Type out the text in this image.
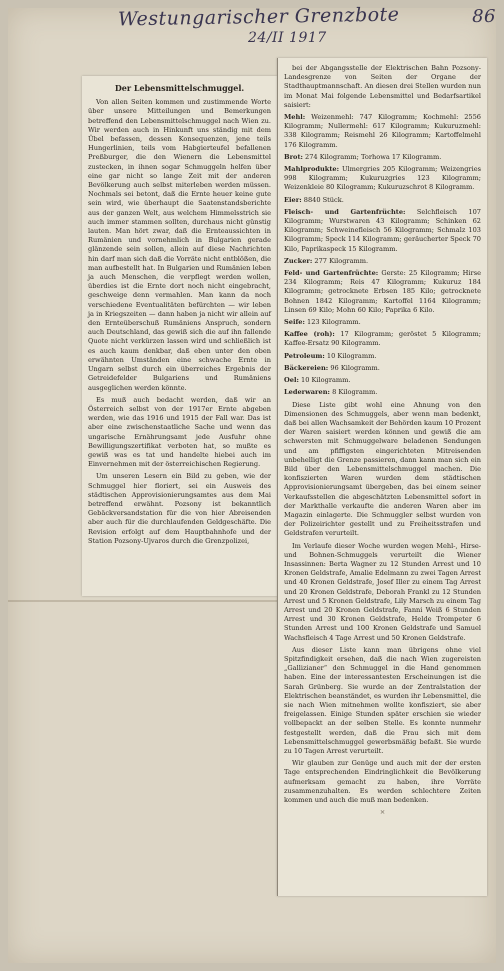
Westungarischer Grenzbote
24/II 1917
86
Der Lebensmittelschmuggel.

Von allen Seiten kommen und zustimmende Worte über unsere Mitteilungen und Bemerkungen betreffend den Lebensmittelschmuggel nach Wien zu. Wir werden auch in Hinkunft uns ständig mit dem Übel befassen, dessen Konsequenzen, jene teils Hungerlinien, teils vom Habgierteufel befallenen Preßburger, die den Wienern die Lebensmittel zustecken, in ihnen sogar Schmuggeln helfen über eine gar nicht so lange Zeit mit der anderen Bevölkerung auch selbst miterleben werden müssen. Nochmals sei betont, daß die Ernte heuer keine gute sein wird, wie überhaupt die Saatenstandsberichte aus der ganzen Welt, aus welchem Himmelsstrich sie auch immer stammen sollten, durchaus nicht günstig lauten. Man hört zwar, daß die Ernteaussichten in Rumänien und vornehmlich in Bulgarien gerade glänzende sein sollen, allein auf diese Nachrichten hin darf man sich daß die Vorräte nicht entblößen, die man aufbestellt hat. In Bulgarien und Rumänien leben ja auch Menschen, die verpflegt werden wollen, überdies ist die Ernte dort noch nicht eingebracht, geschweige denn vermahlen. Man kann da noch verschiedene Eventualitäten befürchten — wir leben ja in Kriegszeiten — dann haben ja nicht wir allein auf den Ernteüberschuß Rumäniens Anspruch, sondern auch Deutschland, das gewiß sich die auf ihn fallende Quote nicht verkürzen lassen wird und schließlich ist es auch kaum denkbar, daß eben unter den oben erwähnten Umständen eine schwache Ernte in Ungarn selbst durch ein überreiches Ergebnis der Getreidefelder Bulgariens und Rumäniens ausgeglichen werden könnte.

Es muß auch bedacht werden, daß wir an Österreich selbst von der 1917er Ernte abgeben werden, wie das 1916 und 1915 der Fall war. Das ist aber eine zwischenstaatliche Sache und wenn das ungarische Ernährungsamt jede Ausfuhr ohne Bewilligungszertifikat verboten hat, so mußte es gewiß was es tat und handelte hiebei auch im Einvernehmen mit der österreichischen Regierung.

Um unseren Lesern ein Bild zu geben, wie der Schmuggel hier floriert, sei ein Ausweis des städtischen Approvisionierungsamtes aus dem Mai betreffend erwähnt. Pozsony ist bekanntlich Gebäckversandstation für die von hier Abreisenden aber auch für die durchlaufenden Geldgeschäfte. Die Revision erfolgt auf dem Hauptbahnhofe und der Station Pozsony-Ujvaros durch die Grenzpolizei,

bei der Abgangsstelle der Elektrischen Bahn Pozsony-Landesgrenze von Seiten der Organe der Stadthauptmannschaft. An diesen drei Stellen wurden nun im Monat Mai folgende Lebensmittel und Bedarfsartikel saisiert:

Mehl: Weizenmehl: 747 Kilogramm; Kochmehl: 2556 Kilogramm; Nullermehl: 617 Kilogramm; Kukuruzmehl: 338 Kilogramm; Reismehl 26 Kilogramm; Kartoffelmehl 176 Kilogramm.

Brot: 274 Kilogramm; Torhowa 17 Kilogramm.

Mahlprodukte: Ulmergries 205 Kilogramm; Weizengries 998 Kilogramm; Kukuruzgries 123 Kilogramm; Weizenkleie 80 Kilogramm; Kukuruzschrot 8 Kilogramm.

Eier: 8840 Stück.

Fleisch- und Gartenfrüchte: Selchfleisch 107 Kilogramm; Wurstwaren 43 Kilogramm; Schinken 62 Kilogramm; Schweinefleisch 56 Kilogramm; Schmalz 103 Kilogramm; Speck 114 Kilogramm; geräucherter Speck 70 Kilo, Paprikaspeck 15 Kilogramm.

Zucker: 277 Kilogramm.

Feld- und Gartenfrüchte: Gerste: 25 Kilogramm; Hirse 234 Kilogramm; Reis 47 Kilogramm; Kukuruz 184 Kilogramm; getrocknete Erbsen 185 Kilo; getrocknete Bohnen 1842 Kilogramm; Kartoffel 1164 Kilogramm; Linsen 69 Kilo; Mohn 60 Kilo; Paprika 6 Kilo.

Seife: 123 Kilogramm.

Kaffee (roh): 17 Kilogramm; geröstet 5 Kilogramm; Kaffee-Ersatz 90 Kilogramm.

Petroleum: 10 Kilogramm.

Bäckereien: 96 Kilogramm.

Oel: 10 Kilogramm.

Lederwaren: 8 Kilogramm.

Diese Liste gibt wohl eine Ahnung von den Dimensionen des Schmuggels, aber wenn man bedenkt, daß bei allen Wachsamkeit der Behörden kaum 10 Prozent der Waren saisiert werden können und gewiß die am schwersten mit Schmuggelware beladenen Sendungen und am pfiffigsten eingerichteten Mitreisenden unbehelligt die Grenze passieren, dann kann man sich ein Bild über den Lebensmittelschmuggel machen. Die konfiszierten Waren wurden dem städtischen Approvisionierungsamt übergeben, das bei einem seiner Verkaufsstellen die abgeschätzten Lebensmittel sofort in der Markthalle verkaufte die anderen Waren aber im Magazin einlagerte. Die Schmuggler selbst wurden von der Polizeirichter gestellt und zu Freiheitsstrafen und Geldstrafen verurteilt.

Im Verlaufe dieser Woche wurden wegen Mehl-, Hirse- und Bohnen-Schmuggels verurteilt die Wiener Insassinnen: Berta Wagner zu 12 Stunden Arrest und 10 Kronen Geldstrafe, Amalie Edelmann zu zwei Tagen Arrest und 40 Kronen Geldstrafe, Josef Iller zu einem Tag Arrest und 20 Kronen Geldstrafe, Deborah Frankl zu 12 Stunden Arrest und 5 Kronen Geldstrafe, Lily Marsch zu einem Tag Arrest und 20 Kronen Geldstrafe, Fanni Weiß 6 Stunden Arrest und 30 Kronen Geldstrafe, Helde Trompeter 6 Stunden Arrest und 100 Kronen Geldstrafe und Samuel Wachsfleisch 4 Tage Arrest und 50 Kronen Geldstrafe.

Aus dieser Liste kann man übrigens ohne viel Spitzfindigkeit ersehen, daß die nach Wien zugereisten „Gallizianer“ den Schmuggel in die Hand genommen haben. Eine der interessantesten Erscheinungen ist die Sarah Grünberg. Sie wurde an der Zentralstation der Elektrischen beanständet, es wurden ihr Lebensmittel, die sie nach Wien mitnehmen wollte konfisziert, sie aber freigelassen. Einige Stunden später erschien sie wieder vollbepackt an der selben Stelle. Es konnte nunmehr festgestellt werden, daß die Frau sich mit dem Lebensmittelschmuggel gewerbsmäßig befaßt. Sie wurde zu 10 Tagen Arrest verurteilt.

Wir glauben zur Genüge und auch mit der der ersten Tage entsprechenden Eindringlichkeit die Bevölkerung aufmerksam gemacht zu haben, ihre Vorräte zusammenzuhalten. Es werden schlechtere Zeiten kommen und auch die muß man bedenken.

×
